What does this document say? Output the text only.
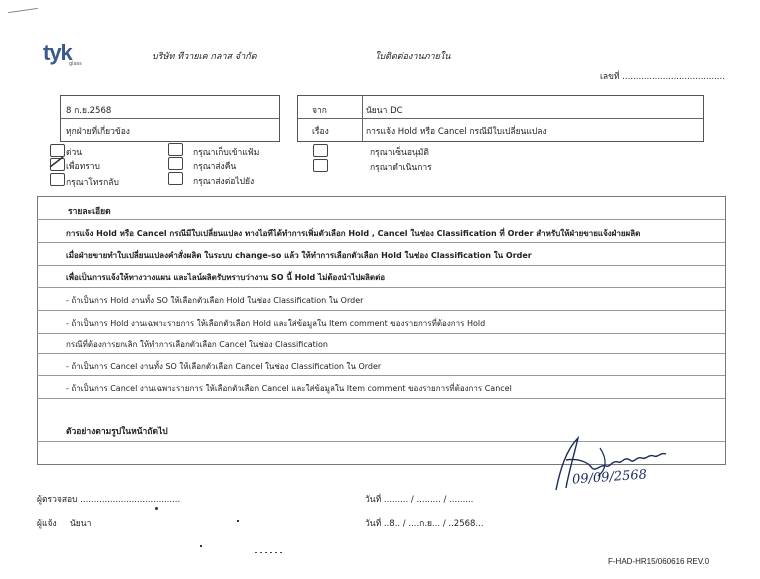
tyk
glass
บริษัท ทีวายเค กลาส จำกัด	ใบติดต่องานภายใน
เลขที่ ......................................
8 ก.ย.2568
ทุกฝ่ายที่เกี่ยวข้อง
จาก	นัยนา DC
เรื่อง	การแจ้ง Hold หรือ Cancel กรณีมีใบเปลี่ยนแปลง
ด่วน
เพื่อทราบ
กรุณาโทรกลับ
กรุณาเก็บเข้าแฟ้ม
กรุณาส่งคืน
กรุณาส่งต่อไปยัง
กรุณาเซ็นอนุมัติ
กรุณาดำเนินการ
รายละเอียด
การแจ้ง Hold หรือ Cancel กรณีมีใบเปลี่ยนแปลง ทางไอทีได้ทำการเพิ่มตัวเลือก Hold , Cancel ในช่อง Classification ที่ Order สำหรับให้ฝ่ายขายแจ้งฝ่ายผลิต
เมื่อฝ่ายขายทำใบเปลี่ยนแปลงคำสั่งผลิต ในระบบ change-so แล้ว ให้ทำการเลือกตัวเลือก Hold ในช่อง Classification ใน Order
เพื่อเป็นการแจ้งให้ทางวางแผน และไลน์ผลิตรับทราบว่างาน SO นี้ Hold ไม่ต้องนำไปผลิตต่อ
- ถ้าเป็นการ Hold งานทั้ง SO ให้เลือกตัวเลือก Hold ในช่อง Classification ใน Order
- ถ้าเป็นการ Hold งานเฉพาะรายการ ให้เลือกตัวเลือก Hold และใส่ข้อมูลใน Item comment ของรายการที่ต้องการ Hold
กรณีที่ต้องการยกเลิก ให้ทำการเลือกตัวเลือก Cancel ในช่อง Classification
- ถ้าเป็นการ Cancel งานทั้ง SO ให้เลือกตัวเลือก Cancel ในช่อง Classification ใน Order
- ถ้าเป็นการ Cancel งานเฉพาะรายการ ให้เลือกตัวเลือก Cancel และใส่ข้อมูลใน Item comment ของรายการที่ต้องการ Cancel
ตัวอย่างตามรูปในหน้าถัดไป
09/09/2568
ผู้ตรวจสอบ .....................................	วันที่ ......... / ......... / .........
ผู้แจ้ง นัยนา	วันที่ ..8.. / ....ก.ย... / ..2568...
F-HAD-HR15/060616 REV.0
